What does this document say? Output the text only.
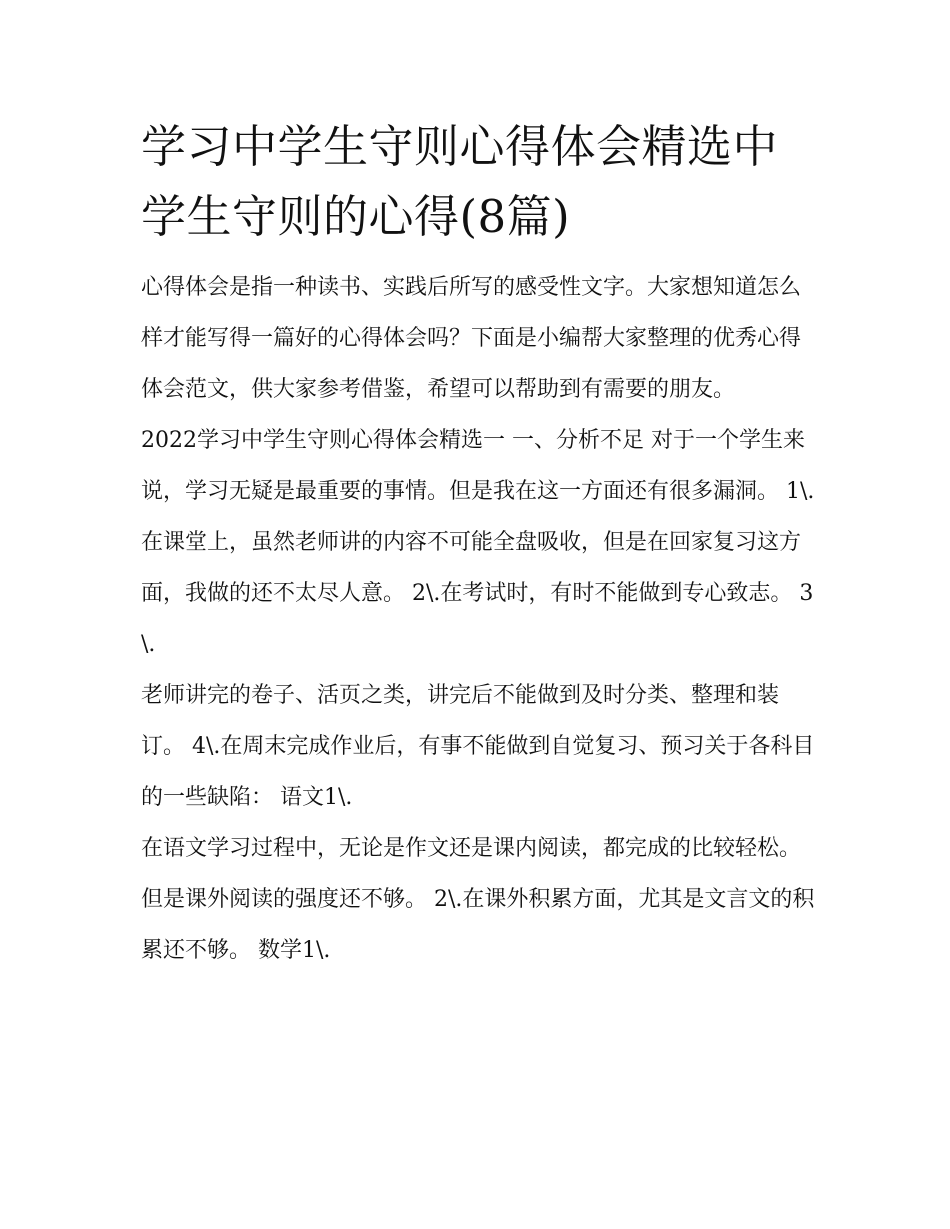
学习中学生守则心得体会精选中学生守则的心得(8篇)

心得体会是指一种读书、实践后所写的感受性文字。大家想知道怎么样才能写得一篇好的心得体会吗？下面是小编帮大家整理的优秀心得体会范文，供大家参考借鉴，希望可以帮助到有需要的朋友。

2022学习中学生守则心得体会精选一 一、分析不足 对于一个学生来说，学习无疑是最重要的事情。但是我在这一方面还有很多漏洞。 1\.

在课堂上，虽然老师讲的内容不可能全盘吸收，但是在回家复习这方面，我做的还不太尽人意。 2\.在考试时，有时不能做到专心致志。 3\.

老师讲完的卷子、活页之类，讲完后不能做到及时分类、整理和装订。 4\.在周末完成作业后，有事不能做到自觉复习、预习关于各科目的一些缺陷： 语文1\.

在语文学习过程中，无论是作文还是课内阅读，都完成的比较轻松。但是课外阅读的强度还不够。 2\.在课外积累方面，尤其是文言文的积累还不够。 数学1\.
